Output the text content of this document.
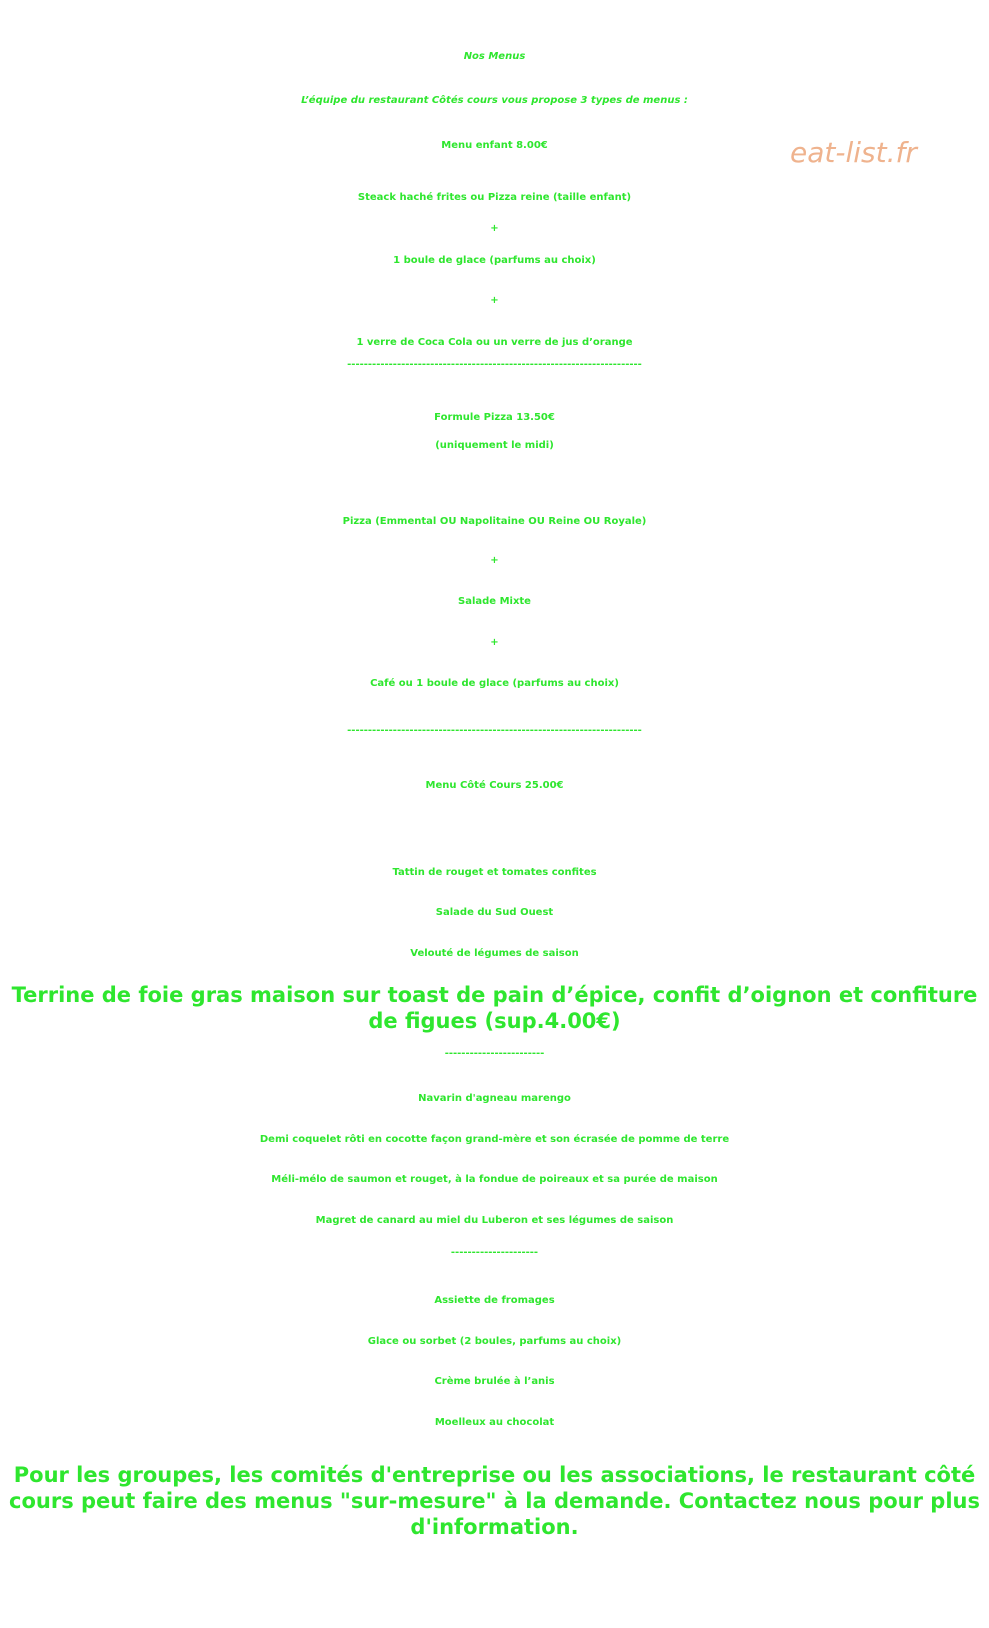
Nos Menus
L’équipe du restaurant Côtés cours vous propose 3 types de menus :
eat-list.fr
Menu enfant 8.00€
Steack haché frites ou Pizza reine (taille enfant)
+
1 boule de glace (parfums au choix)
+
1 verre de Coca Cola ou un verre de jus d’orange
-----------------------------------------------------------------------
Formule Pizza 13.50€
(uniquement le midi)
Pizza (Emmental OU Napolitaine OU Reine OU Royale)
+
Salade Mixte
+
Café ou 1 boule de glace (parfums au choix)
-----------------------------------------------------------------------
Menu Côté Cours 25.00€
Tattin de rouget et tomates confites
Salade du Sud Ouest
Velouté de légumes de saison
Terrine de foie gras maison sur toast de pain d’épice, confit d’oignon et confiture de figues (sup.4.00€)
------------------------
Navarin d'agneau marengo
Demi coquelet rôti en cocotte façon grand-mère et son écrasée de pomme de terre
Méli-mélo de saumon et rouget, à la fondue de poireaux et sa purée de maison
Magret de canard au miel du Luberon et ses légumes de saison
---------------------
Assiette de fromages
Glace ou sorbet (2 boules, parfums au choix)
Crème brulée à l’anis
Moelleux au chocolat
Pour les groupes, les comités d'entreprise ou les associations, le restaurant côté cours peut faire des menus "sur-mesure" à la demande. Contactez nous pour plus d'information.
